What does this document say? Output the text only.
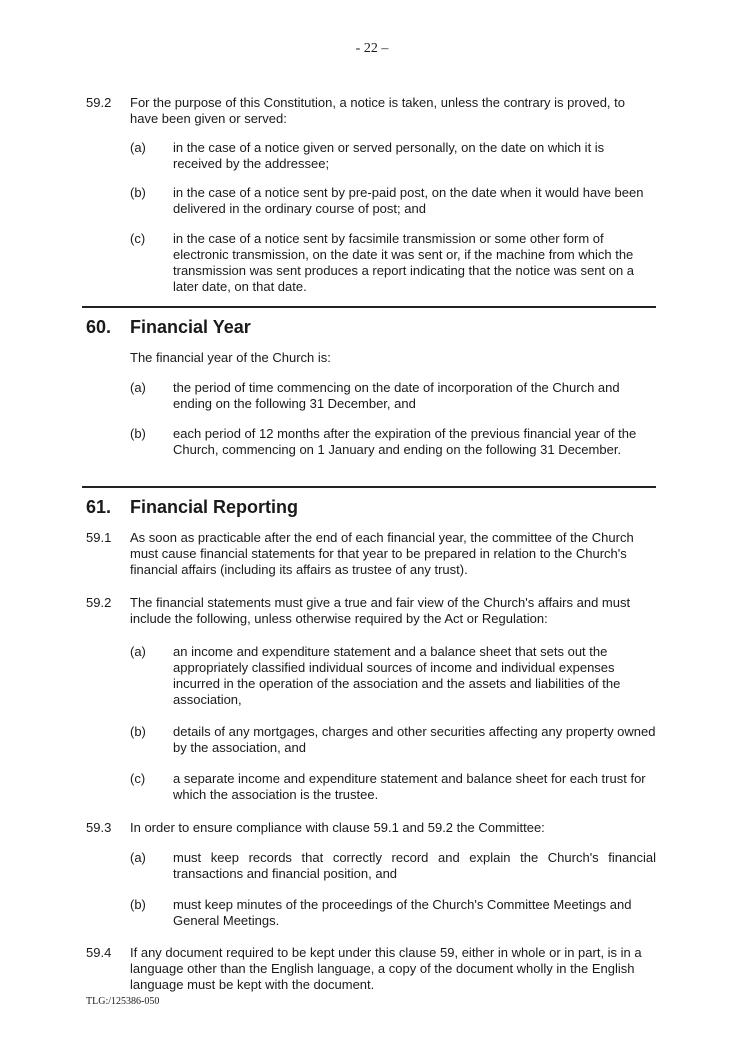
- 22 –
59.2 For the purpose of this Constitution, a notice is taken, unless the contrary is proved, to have been given or served:
(a) in the case of a notice given or served personally, on the date on which it is received by the addressee;
(b) in the case of a notice sent by pre-paid post, on the date when it would have been delivered in the ordinary course of post; and
(c) in the case of a notice sent by facsimile transmission or some other form of electronic transmission, on the date it was sent or, if the machine from which the transmission was sent produces a report indicating that the notice was sent on a later date, on that date.
60. Financial Year
The financial year of the Church is:
(a) the period of time commencing on the date of incorporation of the Church and ending on the following 31 December, and
(b) each period of 12 months after the expiration of the previous financial year of the Church, commencing on 1 January and ending on the following 31 December.
61. Financial Reporting
59.1 As soon as practicable after the end of each financial year, the committee of the Church must cause financial statements for that year to be prepared in relation to the Church's financial affairs (including its affairs as trustee of any trust).
59.2 The financial statements must give a true and fair view of the Church's affairs and must include the following, unless otherwise required by the Act or Regulation:
(a) an income and expenditure statement and a balance sheet that sets out the appropriately classified individual sources of income and individual expenses incurred in the operation of the association and the assets and liabilities of the association,
(b) details of any mortgages, charges and other securities affecting any property owned by the association, and
(c) a separate income and expenditure statement and balance sheet for each trust for which the association is the trustee.
59.3 In order to ensure compliance with clause 59.1 and 59.2 the Committee:
(a) must keep records that correctly record and explain the Church's financial transactions and financial position, and
(b) must keep minutes of the proceedings of the Church's Committee Meetings and General Meetings.
59.4 If any document required to be kept under this clause 59, either in whole or in part, is in a language other than the English language, a copy of the document wholly in the English language must be kept with the document.
TLG:/125386-050
